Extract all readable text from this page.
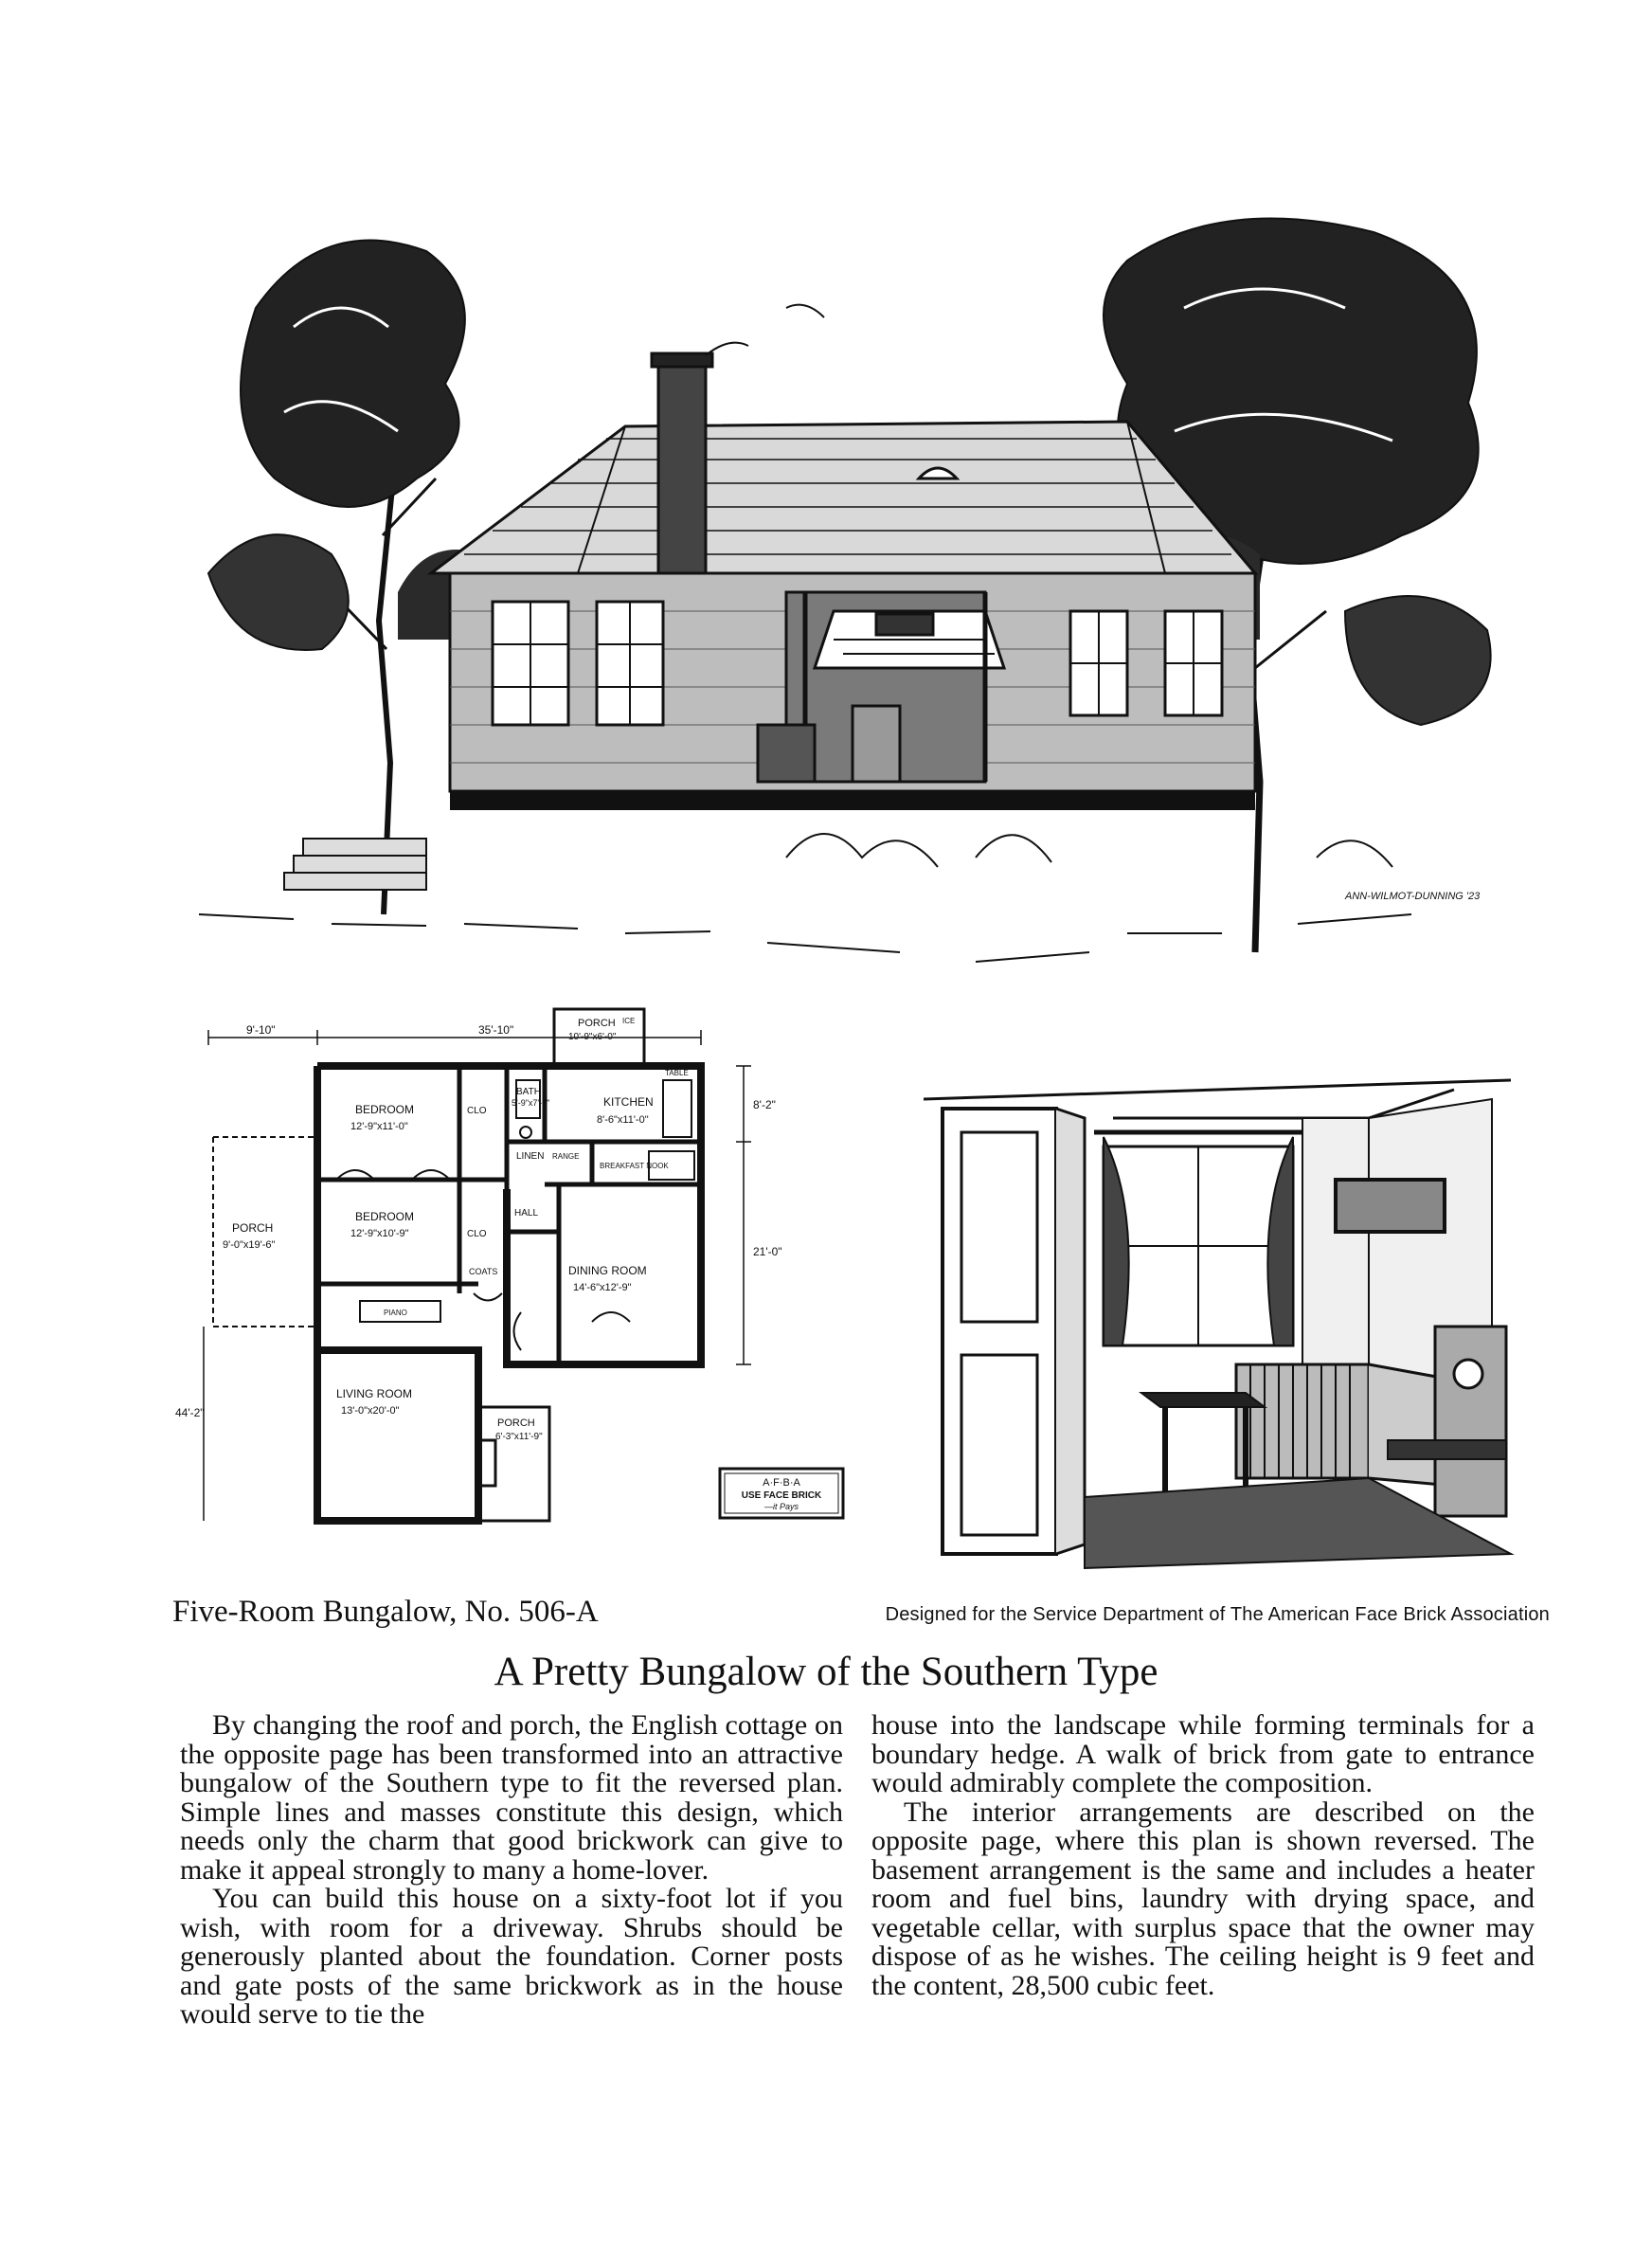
ANN-WILMOT-DUNNING '23
9'-10"	35'-10"
8'-2"
21'-0"
44'-2"
PORCH
10'-9"x6'-0"
BEDROOM
12'-9"x11'-0"
BATH
5'-9"x7'-6"	KITCHEN
8'-6"x11'-0"
BEDROOM
12'-9"x10'-9"
PORCH
9'-0"x19'-6"
DINING ROOM
14'-6"x12'-9"
LIVING ROOM
13'-0"x20'-0"
PORCH
6'-3"x11'-9"
CLO
CLO
LINEN RANGE
BREAKFAST NOOK
HALL
COATS
PIANO
ICE
TABLE
A·F·B·A
USE FACE BRICK
—it Pays
Five-Room Bungalow, No. 506-A	Designed for the Service Department of The American Face Brick Association
A Pretty Bungalow of the Southern Type

By changing the roof and porch, the English cottage on the opposite page has been transformed into an attractive bungalow of the Southern type to fit the reversed plan. Simple lines and masses constitute this design, which needs only the charm that good brickwork can give to make it appeal strongly to many a home-lover.

You can build this house on a sixty-foot lot if you wish, with room for a driveway. Shrubs should be generously planted about the foundation. Corner posts and gate posts of the same brickwork as in the house would serve to tie the

house into the landscape while forming terminals for a boundary hedge. A walk of brick from gate to entrance would admirably complete the composition.

The interior arrangements are described on the opposite page, where this plan is shown reversed. The basement arrangement is the same and includes a heater room and fuel bins, laundry with drying space, and vegetable cellar, with surplus space that the owner may dispose of as he wishes. The ceiling height is 9 feet and the content, 28,500 cubic feet.
